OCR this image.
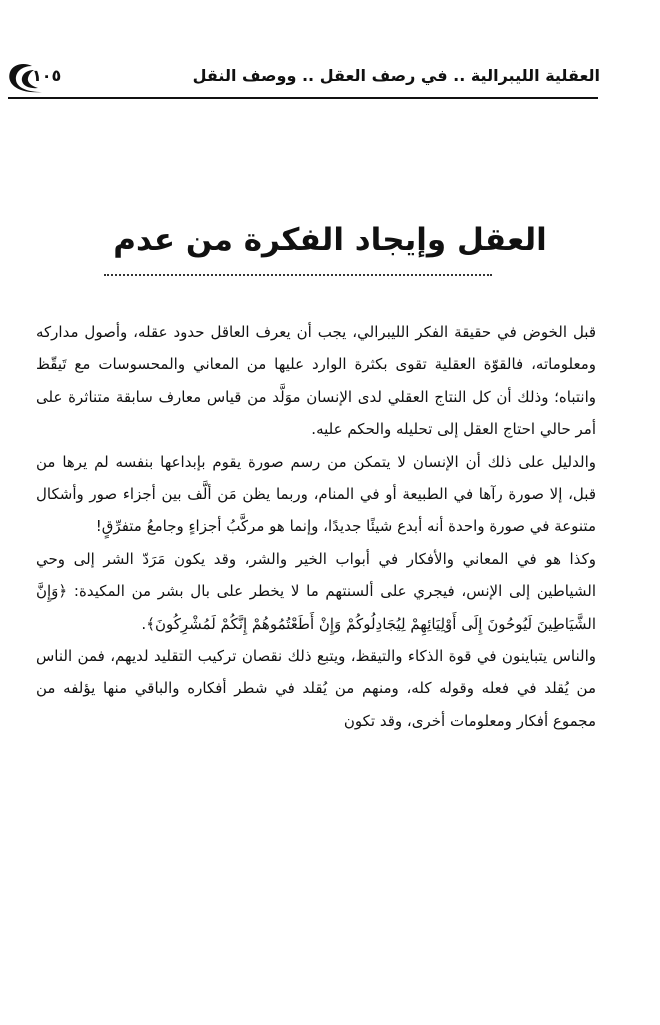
العقلية الليبرالية .. في رصف العقل .. ووصف النقل
١٠٥
العقل وإيجاد الفكرة من عدم

قبل الخوض في حقيقة الفكر الليبرالي، يجب أن يعرف العاقل حدود عقله، وأصول مداركه ومعلوماته، فالقوّة العقلية تقوى بكثرة الوارد عليها من المعاني والمحسوسات مع تَيقّظ وانتباه؛ وذلك أن كل النتاج العقلي لدى الإنسان موَلَّد من قياس معارف سابقة متناثرة على أمر حالي احتاج العقل إلى تحليله والحكم عليه.

والدليل على ذلك أن الإنسان لا يتمكن من رسم صورة يقوم بإبداعها بنفسه لم يرها من قبل، إلا صورة رآها في الطبيعة أو في المنام، وربما يظن مَن ألَّف بين أجزاء صور وأشكال متنوعة في صورة واحدة أنه أبدع شيئًا جديدًا، وإنما هو مركَّبُ أجزاءٍ وجامعُ متفرِّقٍ!

وكذا هو في المعاني والأفكار في أبواب الخير والشر، وقد يكون مَرَدّ الشر إلى وحي الشياطين إلى الإنس، فيجري على ألسنتهم ما لا يخطر على بال بشر من المكيدة: ﴿وَإِنَّ الشَّيَاطِينَ لَيُوحُونَ إِلَى أَوْلِيَائِهِمْ لِيُجَادِلُوكُمْ وَإِنْ أَطَعْتُمُوهُمْ إِنَّكُمْ لَمُشْرِكُونَ﴾.

والناس يتباينون في قوة الذكاء والتيقظ، ويتبع ذلك نقصان تركيب التقليد لديهم، فمن الناس من يُقلد في فعله وقوله كله، ومنهم من يُقلد في شطر أفكاره والباقي منها يؤلفه من مجموع أفكار ومعلومات أخرى، وقد تكون
